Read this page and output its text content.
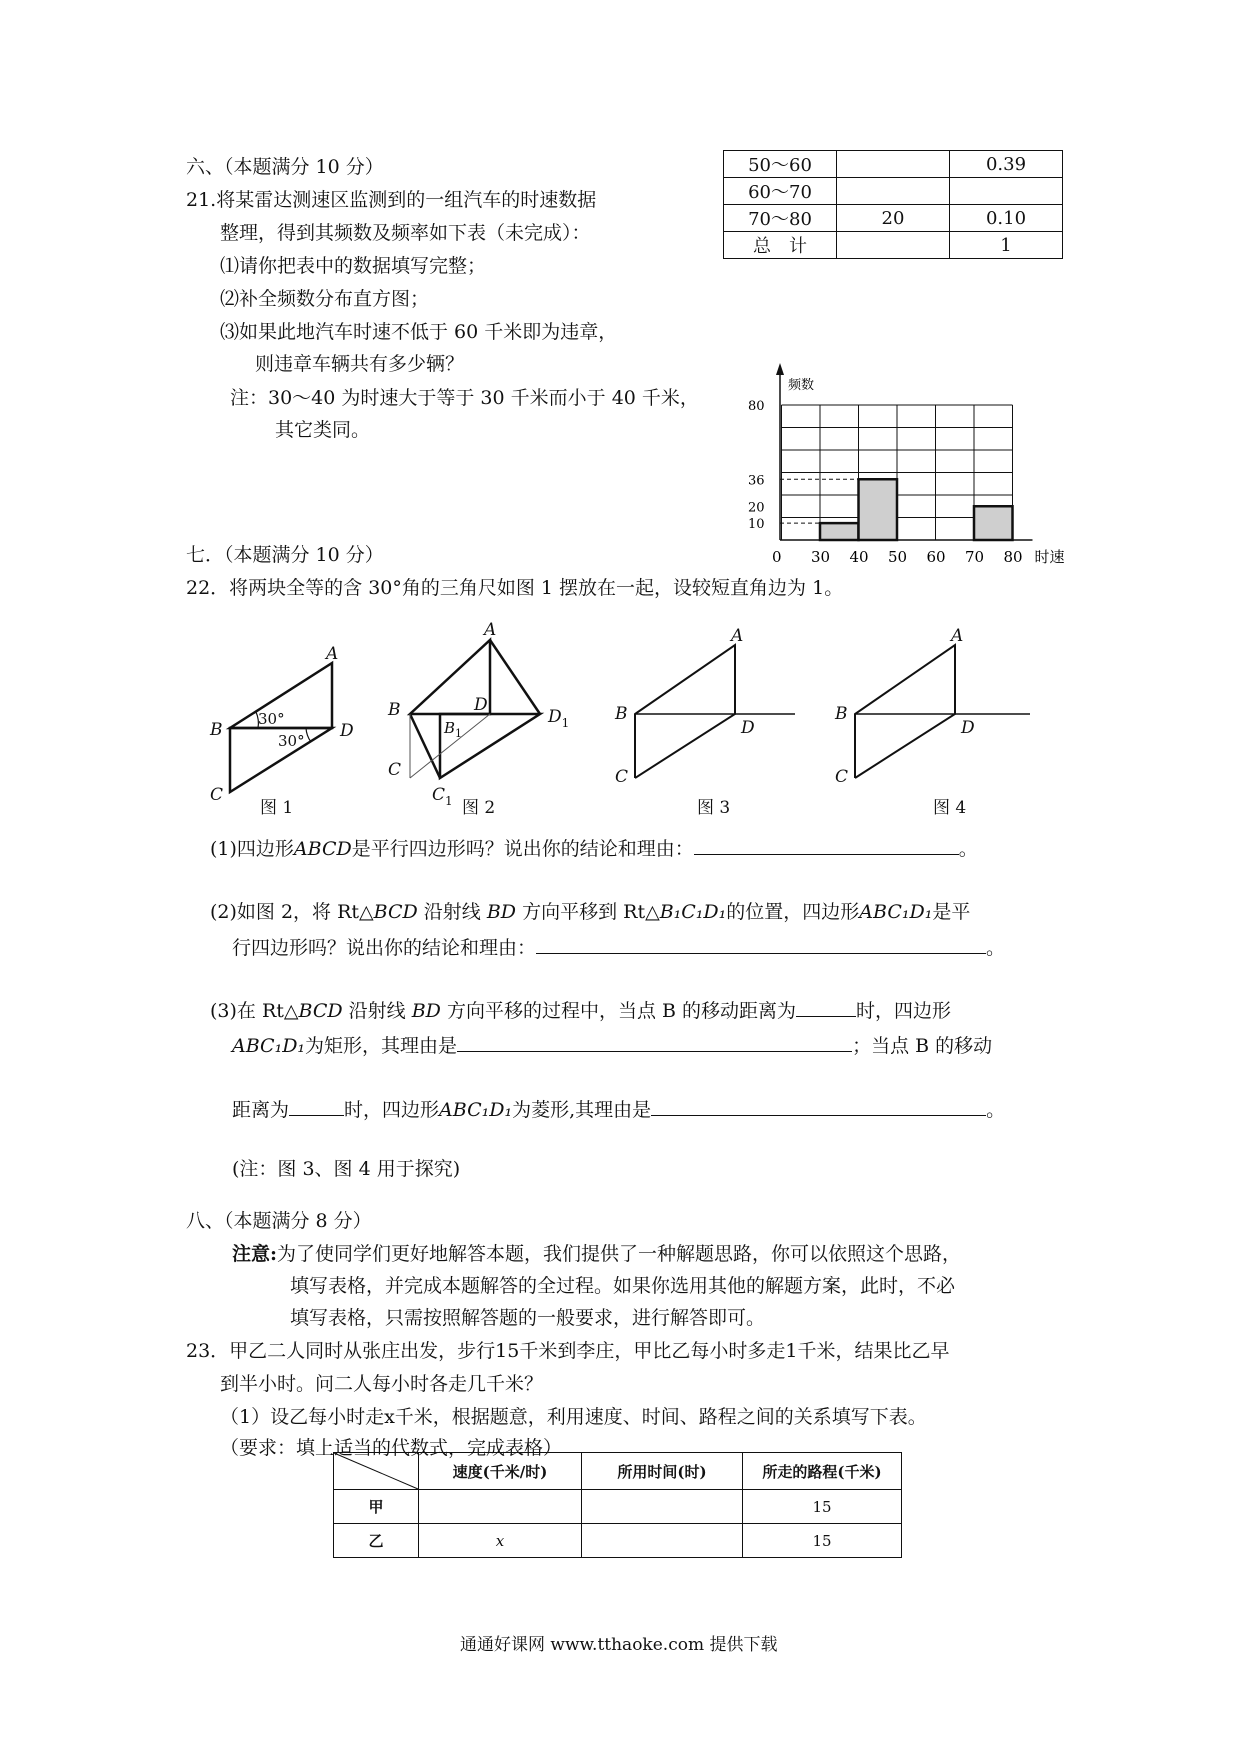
六、（本题满分 10 分）
21.将某雷达测速区监测到的一组汽车的时速数据
整理，得到其频数及频率如下表（未完成）：
⑴请你把表中的数据填写完整；
⑵补全频数分布直方图；
⑶如果此地汽车时速不低于 60 千米即为违章，
则违章车辆共有多少辆？
注：30～40 为时速大于等于 30 千米而小于 40 千米，
其它类同。
50～60		0.39
60～70		
70～80	20	0.10
总　计		1
10
20
36
80
0 30 40 50 60 70 80
频数
时速
七．（本题满分 10 分）
22．将两块全等的含 30°角的三角尺如图 1 摆放在一起，设较短直角边为 1。
A
B
C
D
30°
30°
图 1
A
B
$B_1$
C
$C_1$
D
$D_1$
图 2
A
B
C
D
图 3
A
B
C
D
图 4
(1)四边形ABCD是平行四边形吗？说出你的结论和理由：	。
(2)如图 2，将 Rt△BCD 沿射线 BD 方向平移到 Rt△B₁C₁D₁的位置，四边形ABC₁D₁是平
行四边形吗？说出你的结论和理由：	。
(3)在 Rt△BCD 沿射线 BD 方向平移的过程中，当点 B 的移动距离为	时，四边形
ABC₁D₁为矩形，其理由是	；当点 B 的移动
距离为	时，四边形ABC₁D₁为菱形,其理由是	。
(注：图 3、图 4 用于探究)
八、（本题满分 8 分）
注意:为了使同学们更好地解答本题，我们提供了一种解题思路，你可以依照这个思路，
填写表格，并完成本题解答的全过程。如果你选用其他的解题方案，此时，不必
填写表格，只需按照解答题的一般要求，进行解答即可。
23．甲乙二人同时从张庄出发，步行15千米到李庄，甲比乙每小时多走1千米，结果比乙早
到半小时。问二人每小时各走几千米？
（1）设乙每小时走x千米，根据题意，利用速度、时间、路程之间的关系填写下表。
（要求：填上适当的代数式，完成表格）
	速度(千米/时)	所用时间(时)	所走的路程(千米)
甲			15
乙	x		15
通通好课网 www.tthaoke.com 提供下载
